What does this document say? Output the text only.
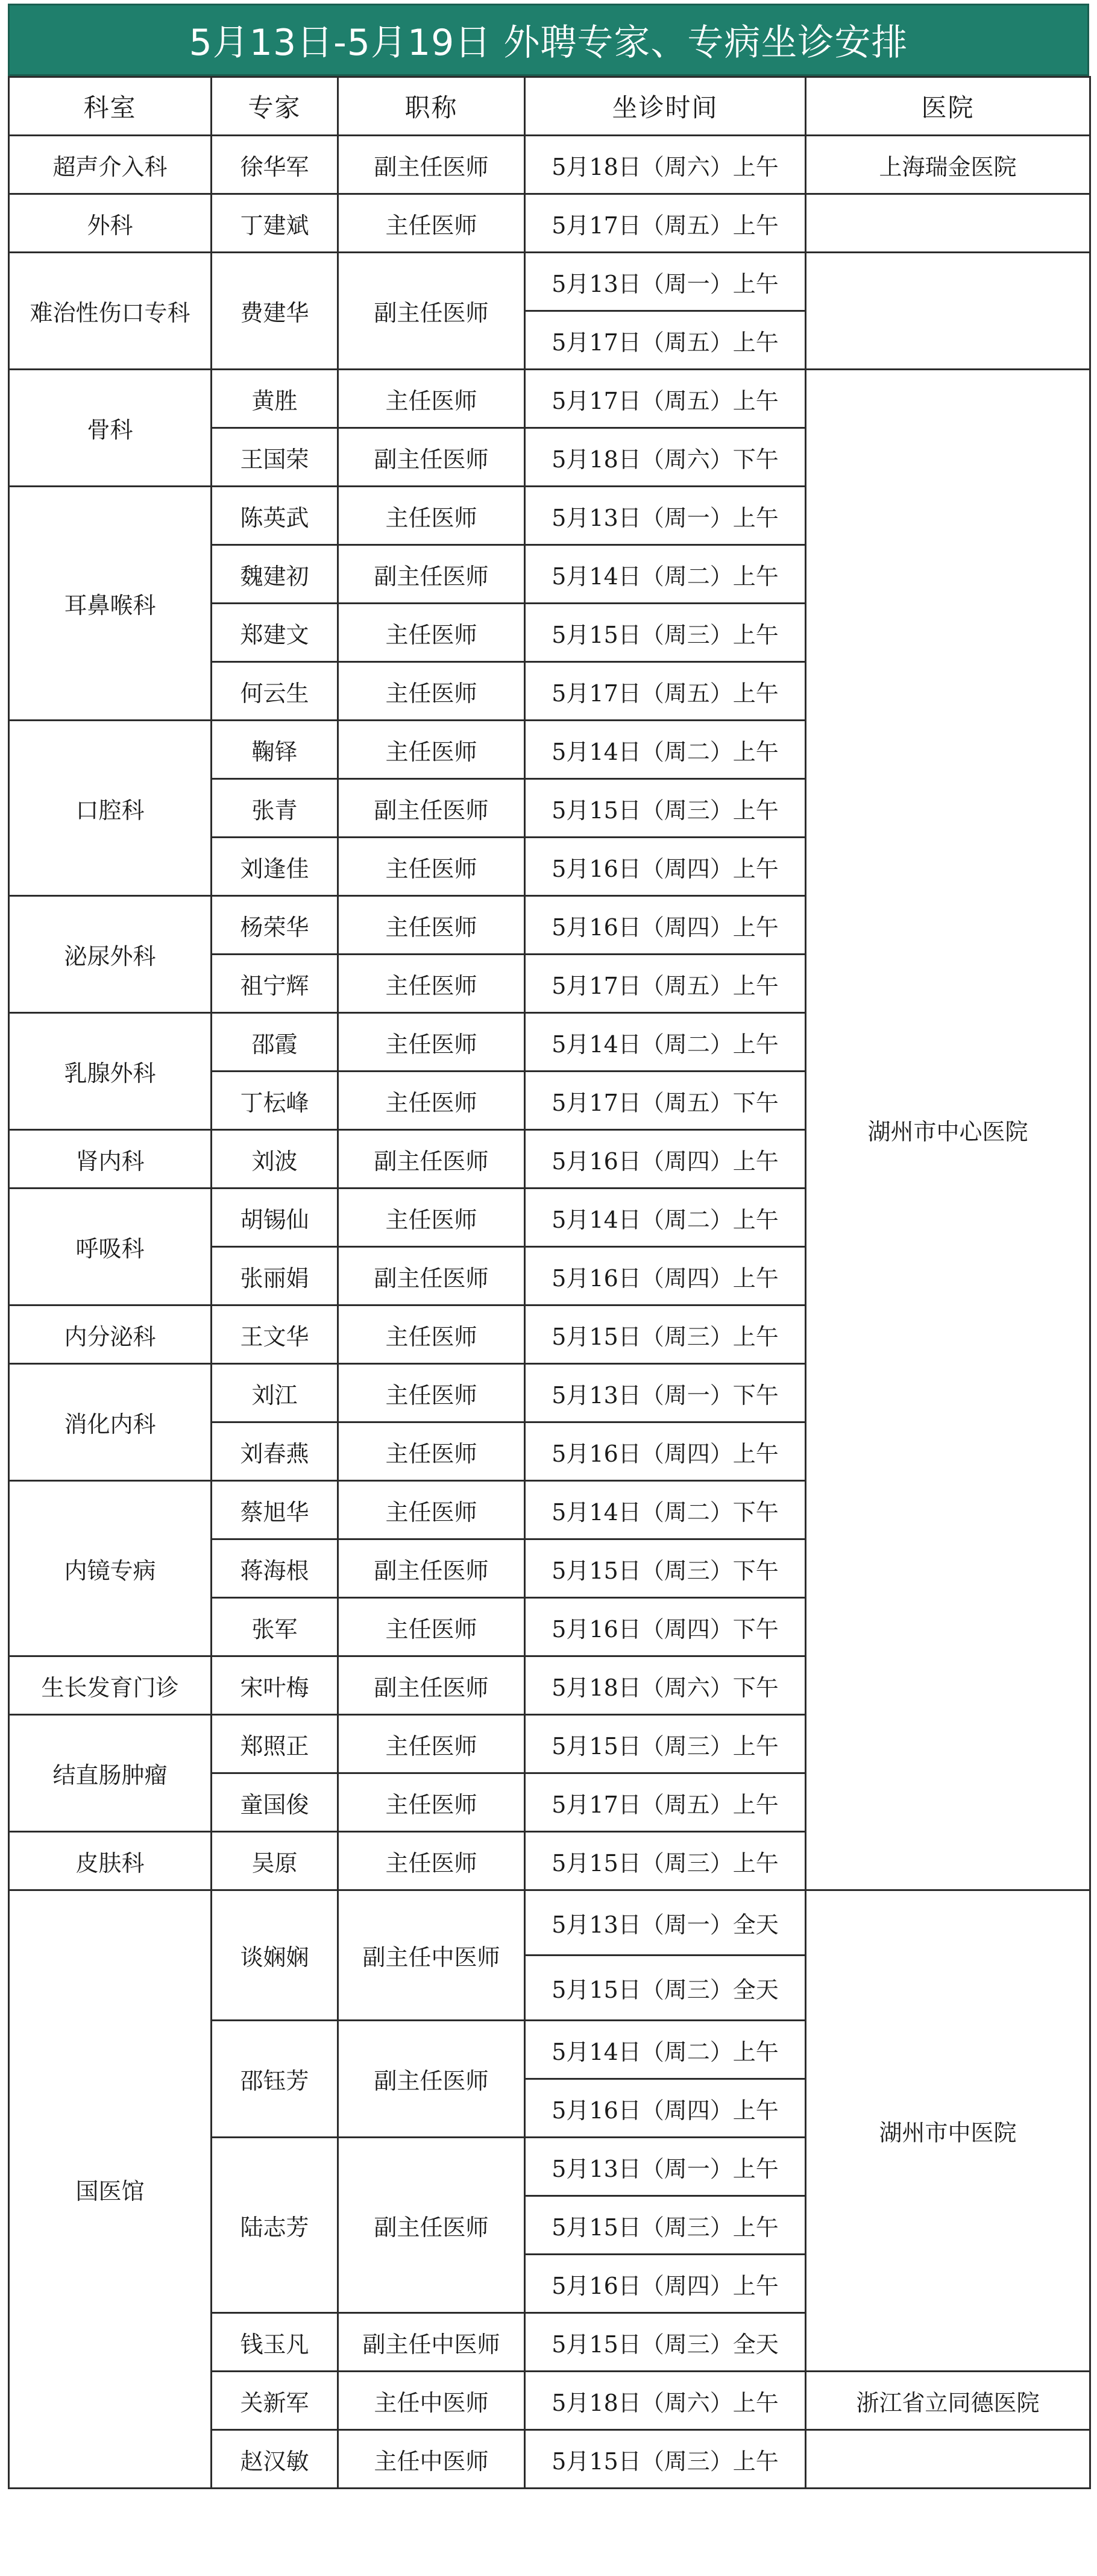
5月13日-5月19日 外聘专家、专病坐诊安排
科室	专家	职称	坐诊时间	医院
超声介入科	徐华军	副主任医师	5月18日（周六）上午	上海瑞金医院
外科	丁建斌	主任医师	5月17日（周五）上午	
难治性伤口专科	费建华	副主任医师	5月13日（周一）上午	
			5月17日（周五）上午	
骨科	黄胜	主任医师	5月17日（周五）上午	湖州市中心医院
	王国荣	副主任医师	5月18日（周六）下午	
耳鼻喉科	陈英武	主任医师	5月13日（周一）上午	
	魏建初	副主任医师	5月14日（周二）上午	
	郑建文	主任医师	5月15日（周三）上午	
	何云生	主任医师	5月17日（周五）上午	
口腔科	鞠铎	主任医师	5月14日（周二）上午	
	张青	副主任医师	5月15日（周三）上午	
	刘逢佳	主任医师	5月16日（周四）上午	
泌尿外科	杨荣华	主任医师	5月16日（周四）上午	
	祖宁辉	主任医师	5月17日（周五）上午	
乳腺外科	邵霞	主任医师	5月14日（周二）上午	
	丁枟峰	主任医师	5月17日（周五）下午	
肾内科	刘波	副主任医师	5月16日（周四）上午	
呼吸科	胡锡仙	主任医师	5月14日（周二）上午	
	张丽娟	副主任医师	5月16日（周四）上午	
内分泌科	王文华	主任医师	5月15日（周三）上午	
消化内科	刘江	主任医师	5月13日（周一）下午	
	刘春燕	主任医师	5月16日（周四）上午	
内镜专病	蔡旭华	主任医师	5月14日（周二）下午	
	蒋海根	副主任医师	5月15日（周三）下午	
	张军	主任医师	5月16日（周四）下午	
生长发育门诊	宋叶梅	副主任医师	5月18日（周六）下午	
结直肠肿瘤	郑照正	主任医师	5月15日（周三）上午	
	童国俊	主任医师	5月17日（周五）上午	
皮肤科	吴原	主任医师	5月15日（周三）上午	
国医馆	谈娴娴	副主任中医师	5月13日（周一）全天	湖州市中医院
			5月15日（周三）全天	
	邵钰芳	副主任医师	5月14日（周二）上午	
			5月16日（周四）上午	
	陆志芳	副主任医师	5月13日（周一）上午	
			5月15日（周三）上午	
			5月16日（周四）上午	
	钱玉凡	副主任中医师	5月15日（周三）全天	
	关新军	主任中医师	5月18日（周六）上午	浙江省立同德医院
	赵汉敏	主任中医师	5月15日（周三）上午	
